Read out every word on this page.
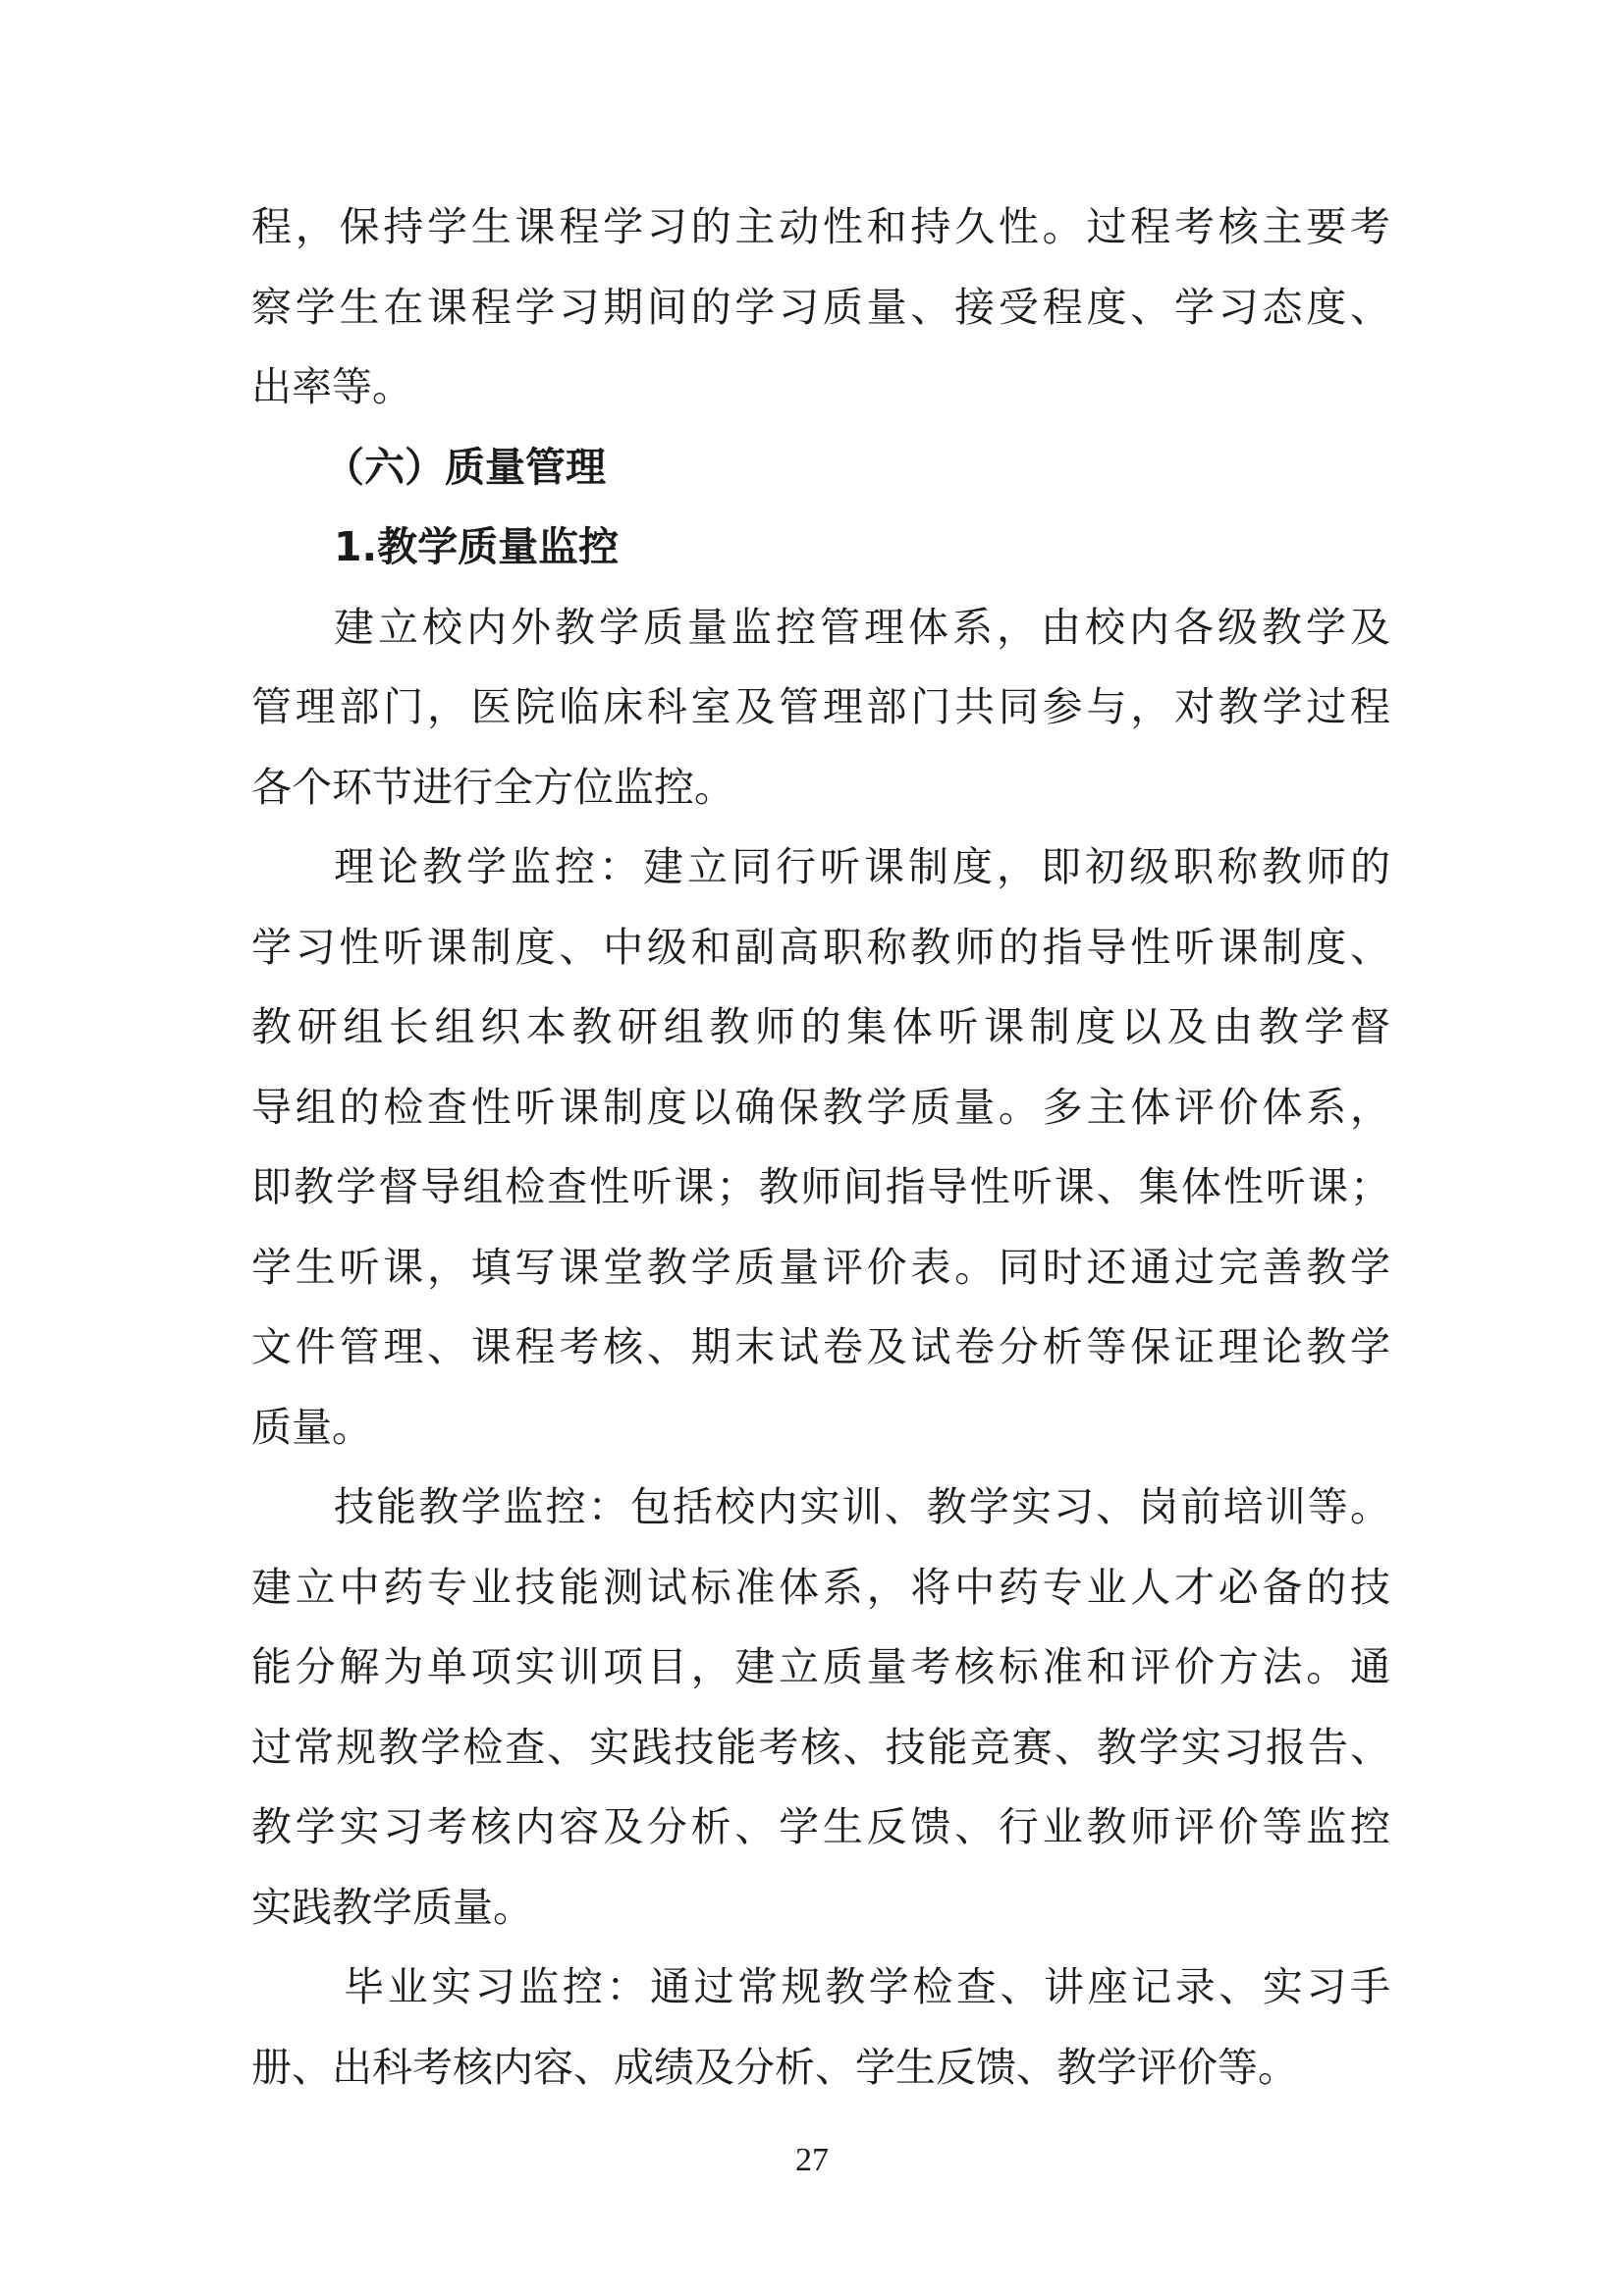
程，保持学生课程学习的主动性和持久性。过程考核主要考
察学生在课程学习期间的学习质量、接受程度、学习态度、
出率等。
（六）质量管理
1.教学质量监控
建立校内外教学质量监控管理体系，由校内各级教学及
管理部门，医院临床科室及管理部门共同参与，对教学过程
各个环节进行全方位监控。
理论教学监控：建立同行听课制度，即初级职称教师的
学习性听课制度、中级和副高职称教师的指导性听课制度、
教研组长组织本教研组教师的集体听课制度以及由教学督
导组的检查性听课制度以确保教学质量。多主体评价体系，
即教学督导组检查性听课；教师间指导性听课、集体性听课；
学生听课，填写课堂教学质量评价表。同时还通过完善教学
文件管理、课程考核、期末试卷及试卷分析等保证理论教学
质量。
技能教学监控：包括校内实训、教学实习、岗前培训等。
建立中药专业技能测试标准体系，将中药专业人才必备的技
能分解为单项实训项目，建立质量考核标准和评价方法。通
过常规教学检查、实践技能考核、技能竞赛、教学实习报告、
教学实习考核内容及分析、学生反馈、行业教师评价等监控
实践教学质量。
毕业实习监控：通过常规教学检查、讲座记录、实习手
册、出科考核内容、成绩及分析、学生反馈、教学评价等。
27
